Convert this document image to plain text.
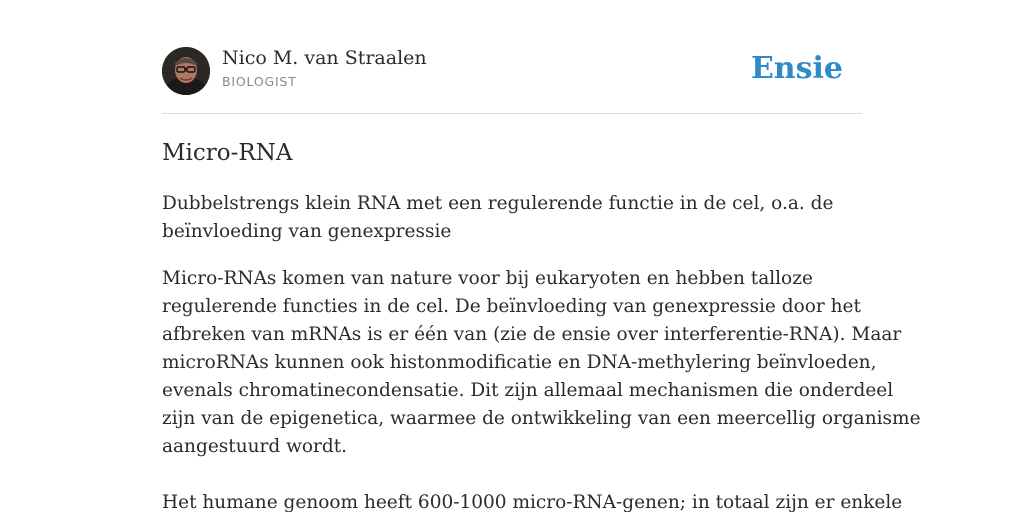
Nico M. van Straalen
BIOLOGIST	Ensie
Micro-RNA

Dubbelstrengs klein RNA met een regulerende functie in de cel, o.a. de
beïnvloeding van genexpressie

Micro-RNAs komen van nature voor bij eukaryoten en hebben talloze
regulerende functies in de cel. De beïnvloeding van genexpressie door het
afbreken van mRNAs is er één van (zie de ensie over interferentie-RNA). Maar
microRNAs kunnen ook histonmodificatie en DNA-methylering beïnvloeden,
evenals chromatinecondensatie. Dit zijn allemaal mechanismen die onderdeel
zijn van de epigenetica, waarmee de ontwikkeling van een meercellig organisme
aangestuurd wordt.

Het humane genoom heeft 600-1000 micro-RNA-genen; in totaal zijn er enkele
